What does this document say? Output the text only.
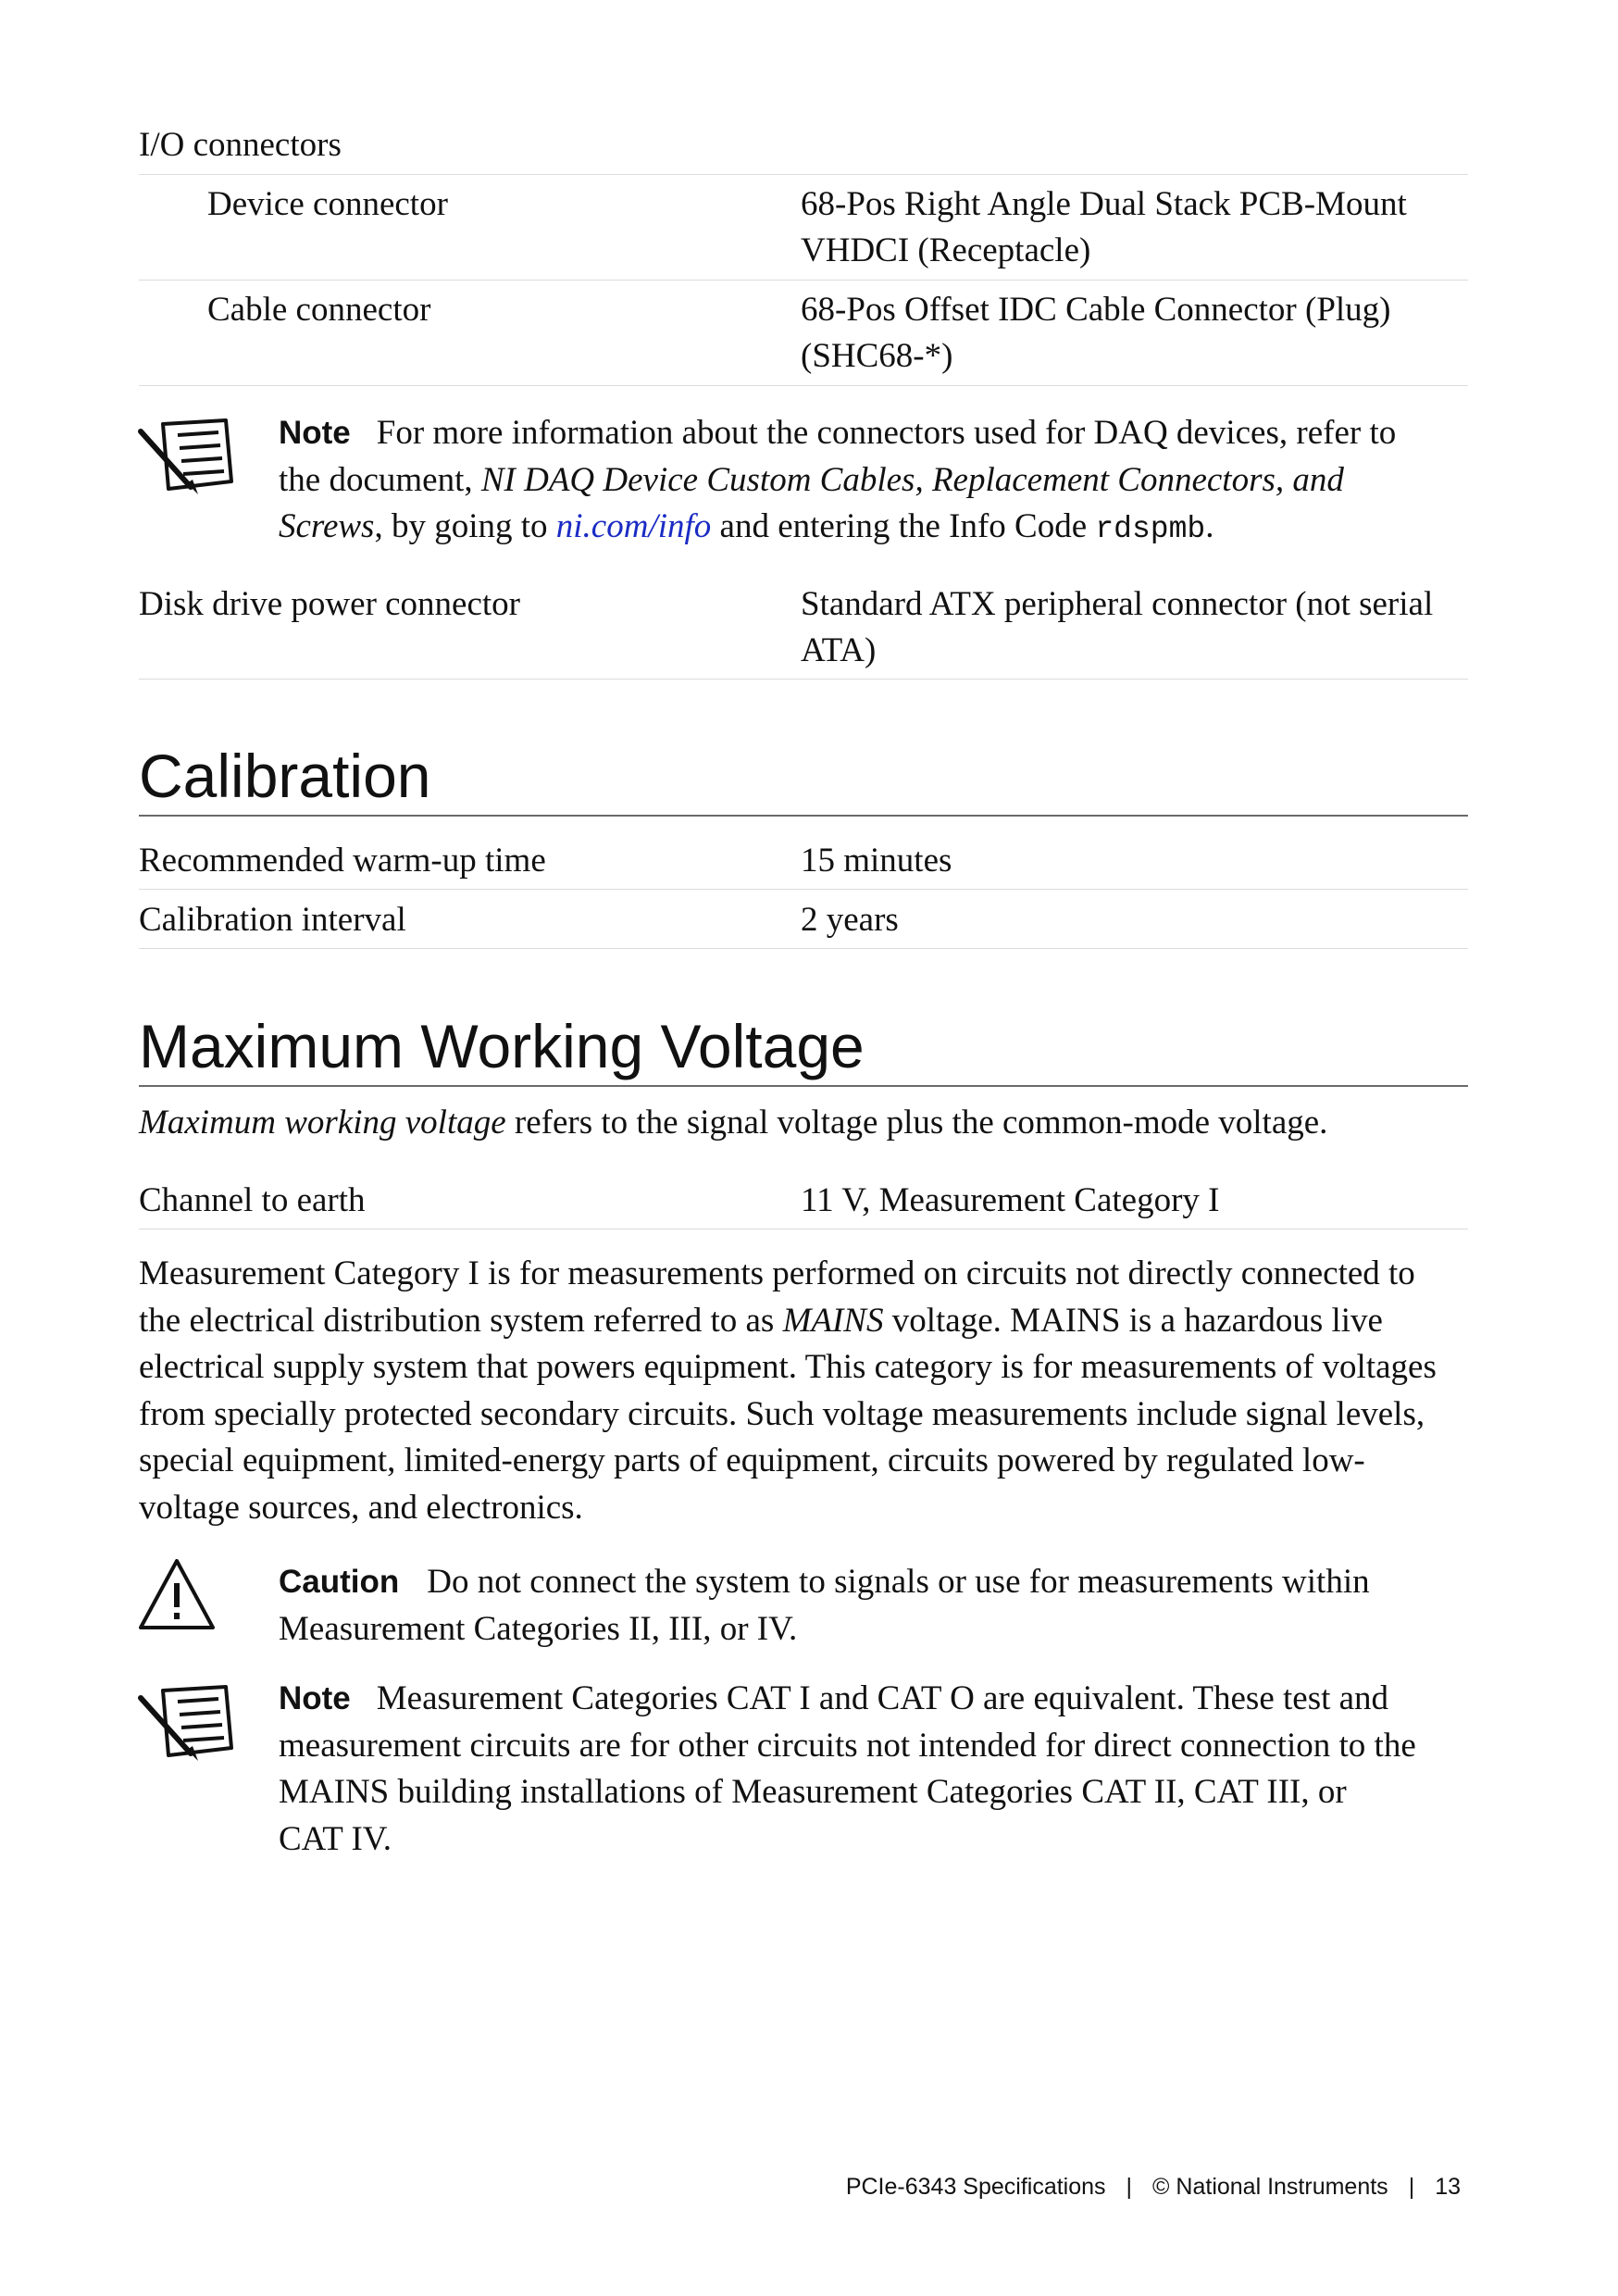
I/O connectors
Device connector	68-Pos Right Angle Dual Stack PCB-Mount
VHDCI (Receptacle)
Cable connector	68-Pos Offset IDC Cable Connector (Plug)
(SHC68-*)
Note For more information about the connectors used for DAQ devices, refer to
the document, NI DAQ Device Custom Cables, Replacement Connectors, and
Screws, by going to ni.com/info and entering the Info Code rdspmb.
Disk drive power connector	Standard ATX peripheral connector (not serial
ATA)
Calibration
Recommended warm-up time	15 minutes
Calibration interval	2 years
Maximum Working Voltage
Maximum working voltage refers to the signal voltage plus the common-mode voltage.
Channel to earth	11 V, Measurement Category I
Measurement Category I is for measurements performed on circuits not directly connected to
the electrical distribution system referred to as MAINS voltage. MAINS is a hazardous live
electrical supply system that powers equipment. This category is for measurements of voltages
from specially protected secondary circuits. Such voltage measurements include signal levels,
special equipment, limited-energy parts of equipment, circuits powered by regulated low-
voltage sources, and electronics.
Caution Do not connect the system to signals or use for measurements within
Measurement Categories II, III, or IV.
Note Measurement Categories CAT I and CAT O are equivalent. These test and
measurement circuits are for other circuits not intended for direct connection to the
MAINS building installations of Measurement Categories CAT II, CAT III, or
CAT IV.
PCIe-6343 Specifications | © National Instruments | 13
